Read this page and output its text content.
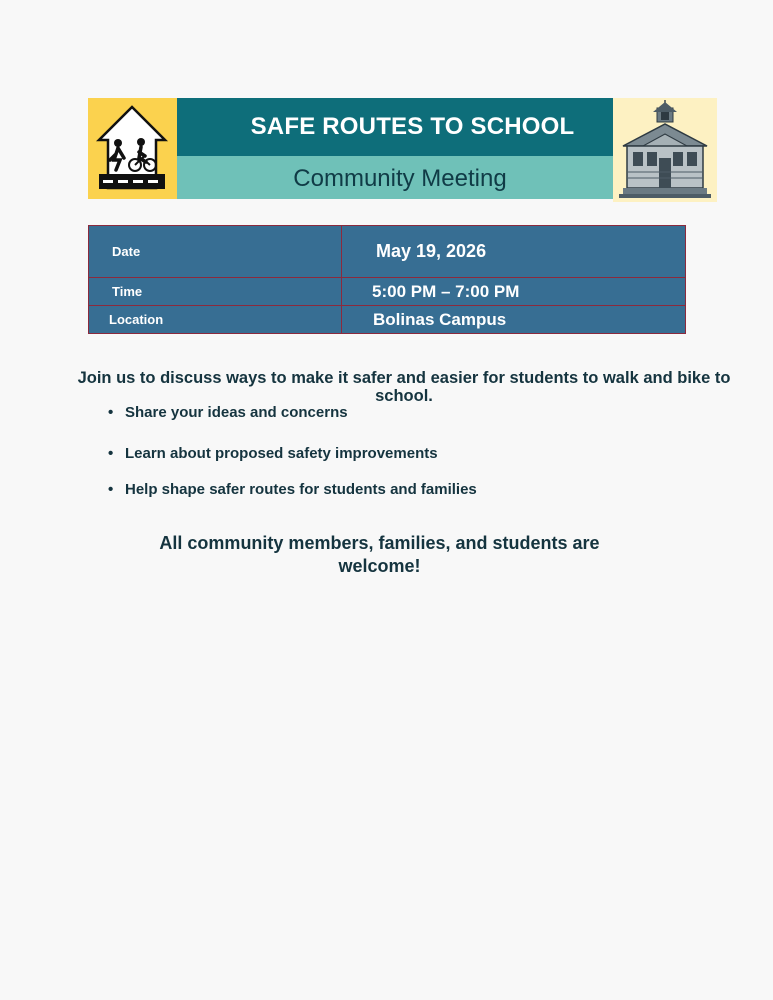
SAFE ROUTES TO SCHOOL
Community Meeting
Date	May 19, 2026
Time	5:00 PM – 7:00 PM
Location	Bolinas Campus
Join us to discuss ways to make it safer and easier for students to walk and bike to school.
• Share your ideas and concerns
• Learn about proposed safety improvements
• Help shape safer routes for students and families
All community members, families, and students are welcome!
